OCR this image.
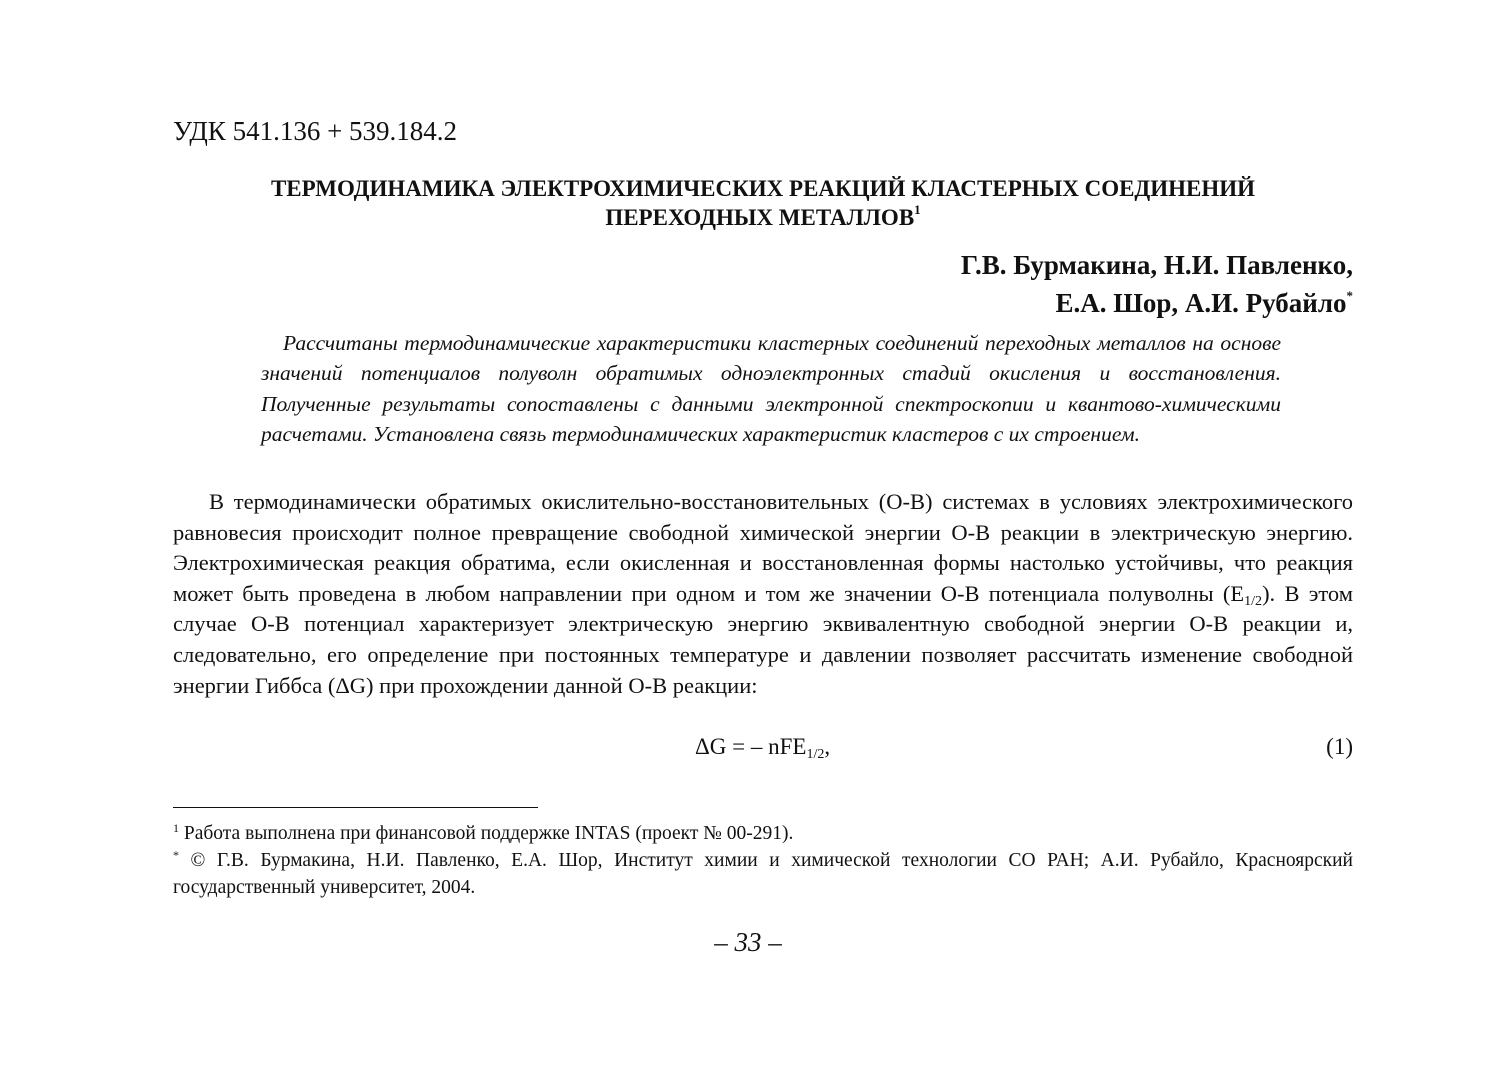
УДК 541.136 + 539.184.2
ТЕРМОДИНАМИКА ЭЛЕКТРОХИМИЧЕСКИХ РЕАКЦИЙ КЛАСТЕРНЫХ СОЕДИНЕНИЙ
ПЕРЕХОДНЫХ МЕТАЛЛОВ$^1$
Г.В. Бурмакина, Н.И. Павленко,
Е.А. Шор, А.И. Рубайло*
Рассчитаны термодинамические характеристики кластерных соединений переходных металлов на основе значений потенциалов полуволн обратимых одноэлектронных стадий окисления и восстановления. Полученные результаты сопоставлены с данными электронной спектроскопии и квантово-химическими расчетами. Установлена связь термодинамических характеристик кластеров с их строением.
В термодинамически обратимых окислительно-восстановительных (О-В) системах в условиях электрохимического равновесия происходит полное превращение свободной химической энергии О-В реакции в электрическую энергию. Электрохимическая реакция обратима, если окисленная и восстановленная формы настолько устойчивы, что реакция может быть проведена в любом направлении при одном и том же значении О-В потенциала полуволны $(E_{1/2})$. В этом случае О-В потенциал характеризует электрическую энергию эквивалентную свободной энергии О-В реакции и, следовательно, его определение при постоянных температуре и давлении позволяет рассчитать изменение свободной энергии Гиббса (ΔG) при прохождении данной О-В реакции:
ΔG = – nFE$_{1/2}$,	(1)

$^1$ Работа выполнена при финансовой поддержке INTAS (проект № 00-291).

* © Г.В. Бурмакина, Н.И. Павленко, Е.А. Шор, Институт химии и химической технологии СО РАН; А.И. Рубайло, Красноярский государственный университет, 2004.

– 33 –
